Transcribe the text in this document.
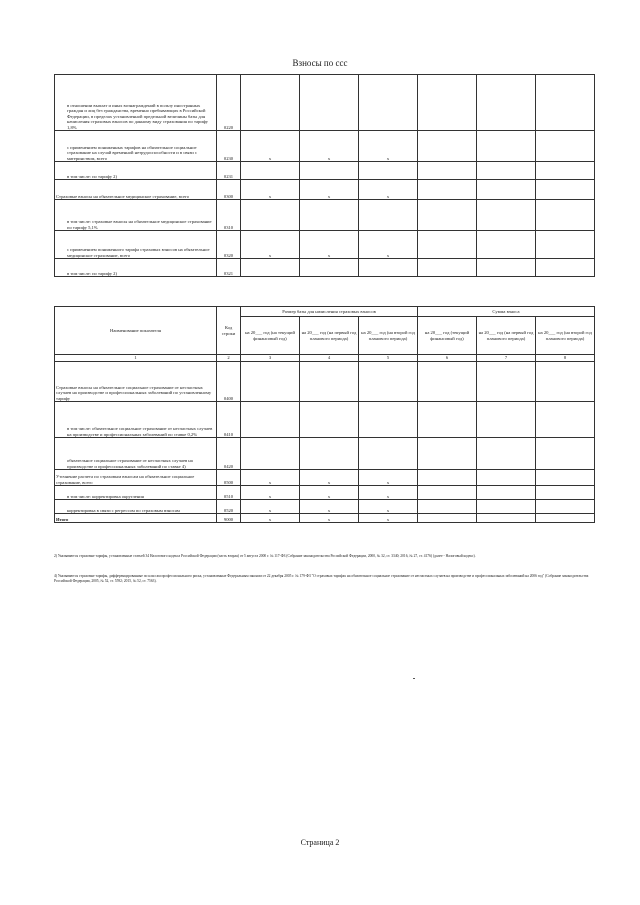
Взносы по ссс
в отношении выплат и иных вознаграждений в пользу иностранных граждан и лиц без гражданства, временно пребывающих в Российской Федерации, в пределах установленной предельной величины базы для начисления страховых взносов по данному виду страхования по тарифу 1,8%	0220						
с применением пониженных тарифов на обязательное социальное страхование на случай временной нетрудоспособности и в связи с материнством, всего	0230	х	х	х			
в том числе: по тарифу 2)	0231						
Страховые взносы на обязательное медицинское страхование, всего	0300	х	х	х			
в том числе: страховые взносы на обязательное медицинское страхование по тарифу 5,1%	0310						
с применением пониженного тарифа страховых взносов на обязательное медицинское страхование, всего	0320	х	х	х			
в том числе: по тарифу 2)	0321						
Наименование показателя	Код строки	Размер базы для начисления страховых взносов			Сумма взноса		
		на 20___ год (на текущий финансовый год)	на 20___ год (на первый год планового периода)	на 20___ год (на второй год планового периода)	на 20___ год (текущий финансовый год)	на 20___ год (на первый год планового периода)	на 20___ год (на второй год планового периода)
1	2	3	4	5	6	7	8
Страховые взносы на обязательное социальное страхование от несчастных случаев на производстве и профессиональных заболеваний по установленному тарифу	0400						
в том числе: обязательное социальное страхование от несчастных случаев на производстве и профессиональных заболеваний по ставке 0,2%	0410						
обязательное социальное страхование от несчастных случаев на производстве и профессиональных заболеваний по ставке 4)	0420						
Уточнение расчета по страховым взносам на обязательное социальное страхование, всего	0500	х	х	х			
в том числе: корректировка округления	0510	х	х	х			
корректировка в связи с регрессом по страховым взносам	0520	х	х	х			
Итого	9000	х	х	х			
2) Указываются страховые тарифы, установленные статьей 34 Налогового кодекса Российской Федерации (часть вторая) от 5 августа 2000 г. № 117-ФЗ (Собрание законодательства Российской Федерации, 2000, № 32, ст. 3340; 2016, № 27, ст. 4176) (далее - Налоговый кодекс).
4) Указываются страховые тарифы, дифференцированные по классам профессионального риска, установленные Федеральным законом от 22 декабря 2005 г. № 179-ФЗ "О страховых тарифах на обязательное социальное страхование от несчастных случаев на производстве и профессиональных заболеваний на 2006 год" (Собрание законодательства Российской Федерации, 2005, № 52, ст. 5592; 2015, № 52, ст. 7563).
Страница 2
